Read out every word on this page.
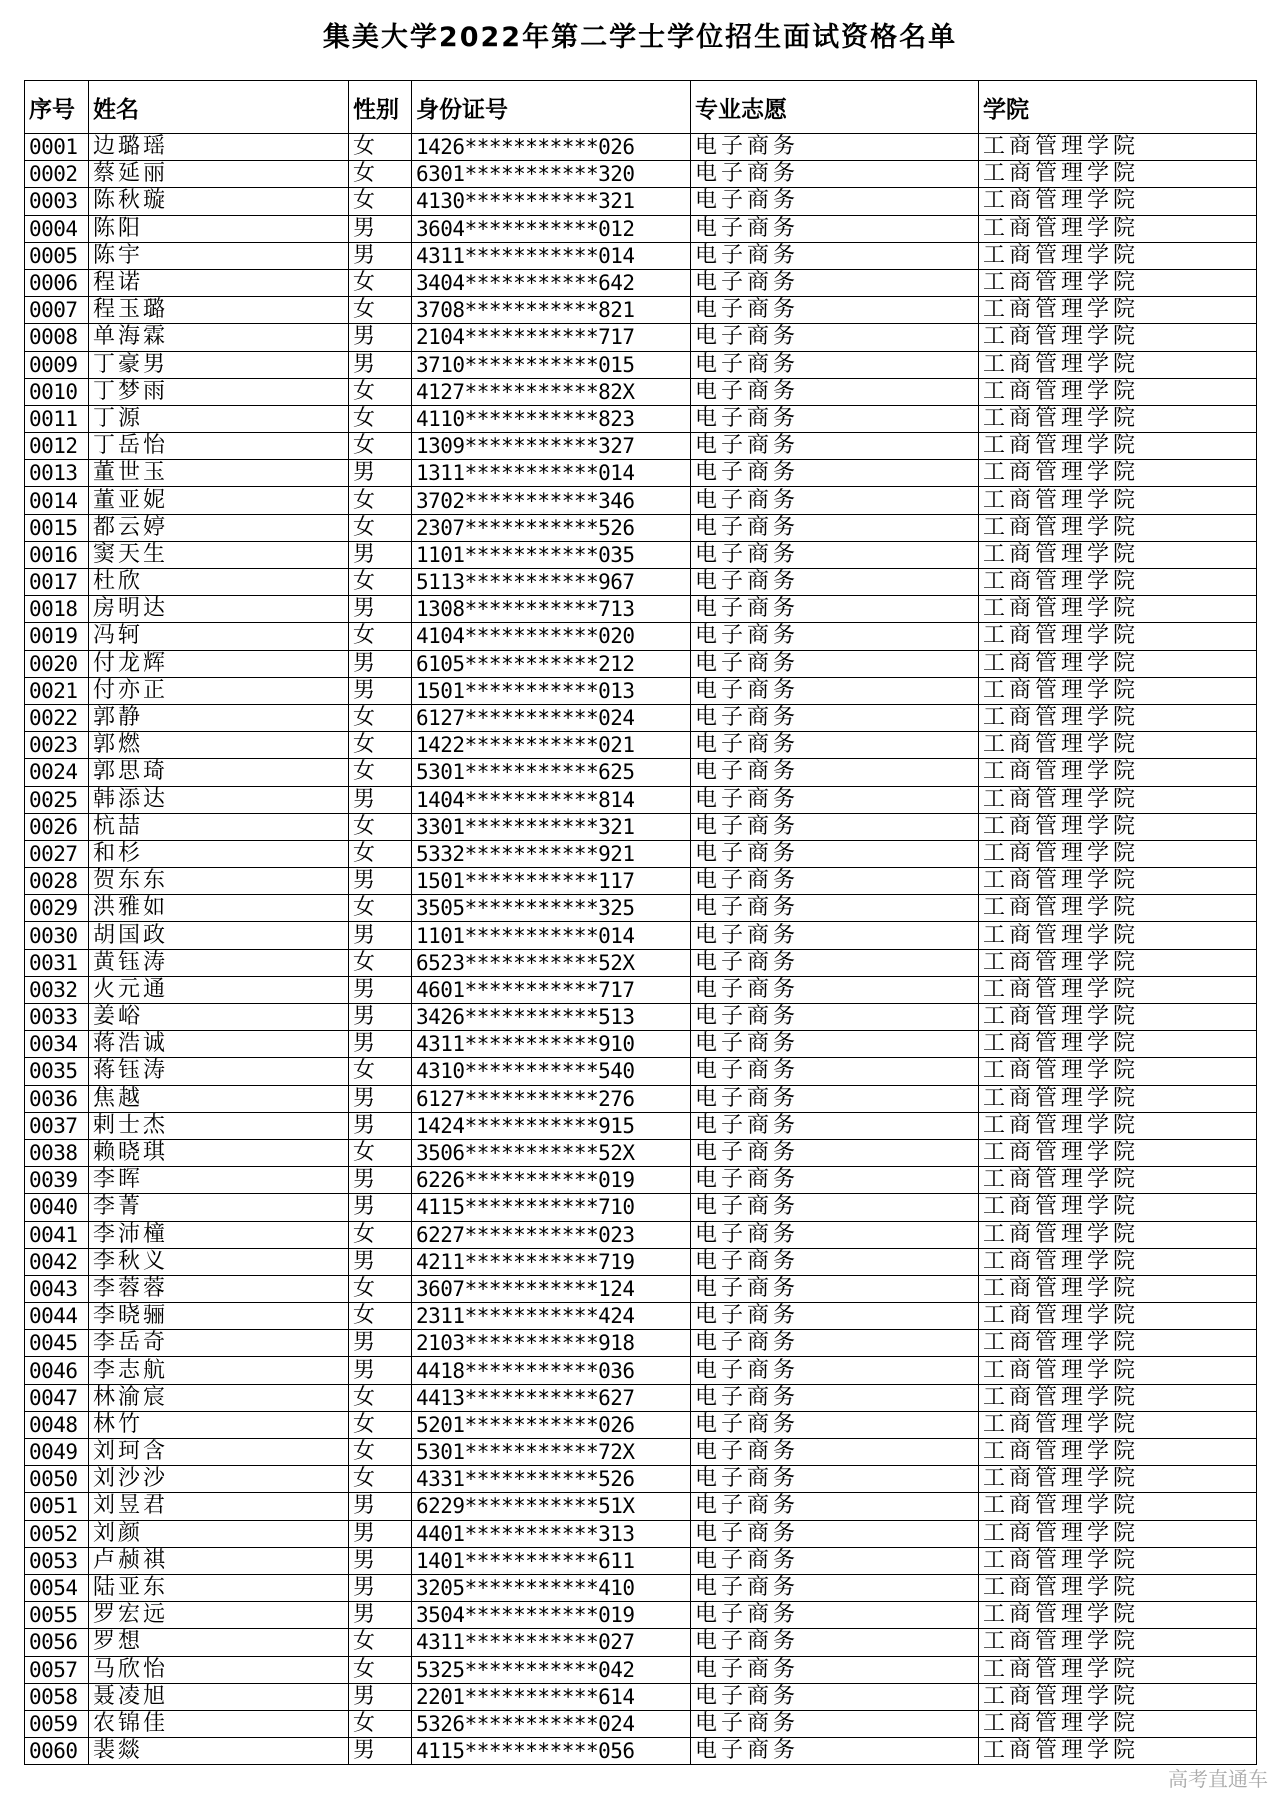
集美大学2022年第二学士学位招生面试资格名单
序号	姓名	性别	身份证号	专业志愿	学院
0001	边璐瑶	女	1426***********026	电子商务	工商管理学院
0002	蔡延丽	女	6301***********320	电子商务	工商管理学院
0003	陈秋璇	女	4130***********321	电子商务	工商管理学院
0004	陈阳	男	3604***********012	电子商务	工商管理学院
0005	陈宇	男	4311***********014	电子商务	工商管理学院
0006	程诺	女	3404***********642	电子商务	工商管理学院
0007	程玉璐	女	3708***********821	电子商务	工商管理学院
0008	单海霖	男	2104***********717	电子商务	工商管理学院
0009	丁豪男	男	3710***********015	电子商务	工商管理学院
0010	丁梦雨	女	4127***********82X	电子商务	工商管理学院
0011	丁源	女	4110***********823	电子商务	工商管理学院
0012	丁岳怡	女	1309***********327	电子商务	工商管理学院
0013	董世玉	男	1311***********014	电子商务	工商管理学院
0014	董亚妮	女	3702***********346	电子商务	工商管理学院
0015	都云婷	女	2307***********526	电子商务	工商管理学院
0016	窦天生	男	1101***********035	电子商务	工商管理学院
0017	杜欣	女	5113***********967	电子商务	工商管理学院
0018	房明达	男	1308***********713	电子商务	工商管理学院
0019	冯轲	女	4104***********020	电子商务	工商管理学院
0020	付龙辉	男	6105***********212	电子商务	工商管理学院
0021	付亦正	男	1501***********013	电子商务	工商管理学院
0022	郭静	女	6127***********024	电子商务	工商管理学院
0023	郭燃	女	1422***********021	电子商务	工商管理学院
0024	郭思琦	女	5301***********625	电子商务	工商管理学院
0025	韩添达	男	1404***********814	电子商务	工商管理学院
0026	杭喆	女	3301***********321	电子商务	工商管理学院
0027	和杉	女	5332***********921	电子商务	工商管理学院
0028	贺东东	男	1501***********117	电子商务	工商管理学院
0029	洪雅如	女	3505***********325	电子商务	工商管理学院
0030	胡国政	男	1101***********014	电子商务	工商管理学院
0031	黄钰涛	女	6523***********52X	电子商务	工商管理学院
0032	火元通	男	4601***********717	电子商务	工商管理学院
0033	姜峪	男	3426***********513	电子商务	工商管理学院
0034	蒋浩诚	男	4311***********910	电子商务	工商管理学院
0035	蒋钰涛	女	4310***********540	电子商务	工商管理学院
0036	焦越	男	6127***********276	电子商务	工商管理学院
0037	剌士杰	男	1424***********915	电子商务	工商管理学院
0038	赖晓琪	女	3506***********52X	电子商务	工商管理学院
0039	李晖	男	6226***********019	电子商务	工商管理学院
0040	李菁	男	4115***********710	电子商务	工商管理学院
0041	李沛橦	女	6227***********023	电子商务	工商管理学院
0042	李秋义	男	4211***********719	电子商务	工商管理学院
0043	李蓉蓉	女	3607***********124	电子商务	工商管理学院
0044	李晓骊	女	2311***********424	电子商务	工商管理学院
0045	李岳奇	男	2103***********918	电子商务	工商管理学院
0046	李志航	男	4418***********036	电子商务	工商管理学院
0047	林渝宸	女	4413***********627	电子商务	工商管理学院
0048	林竹	女	5201***********026	电子商务	工商管理学院
0049	刘珂含	女	5301***********72X	电子商务	工商管理学院
0050	刘沙沙	女	4331***********526	电子商务	工商管理学院
0051	刘昱君	男	6229***********51X	电子商务	工商管理学院
0052	刘颜	男	4401***********313	电子商务	工商管理学院
0053	卢赪祺	男	1401***********611	电子商务	工商管理学院
0054	陆亚东	男	3205***********410	电子商务	工商管理学院
0055	罗宏远	男	3504***********019	电子商务	工商管理学院
0056	罗想	女	4311***********027	电子商务	工商管理学院
0057	马欣怡	女	5325***********042	电子商务	工商管理学院
0058	聂凌旭	男	2201***********614	电子商务	工商管理学院
0059	农锦佳	女	5326***********024	电子商务	工商管理学院
0060	裴燚	男	4115***********056	电子商务	工商管理学院
高考直通车
